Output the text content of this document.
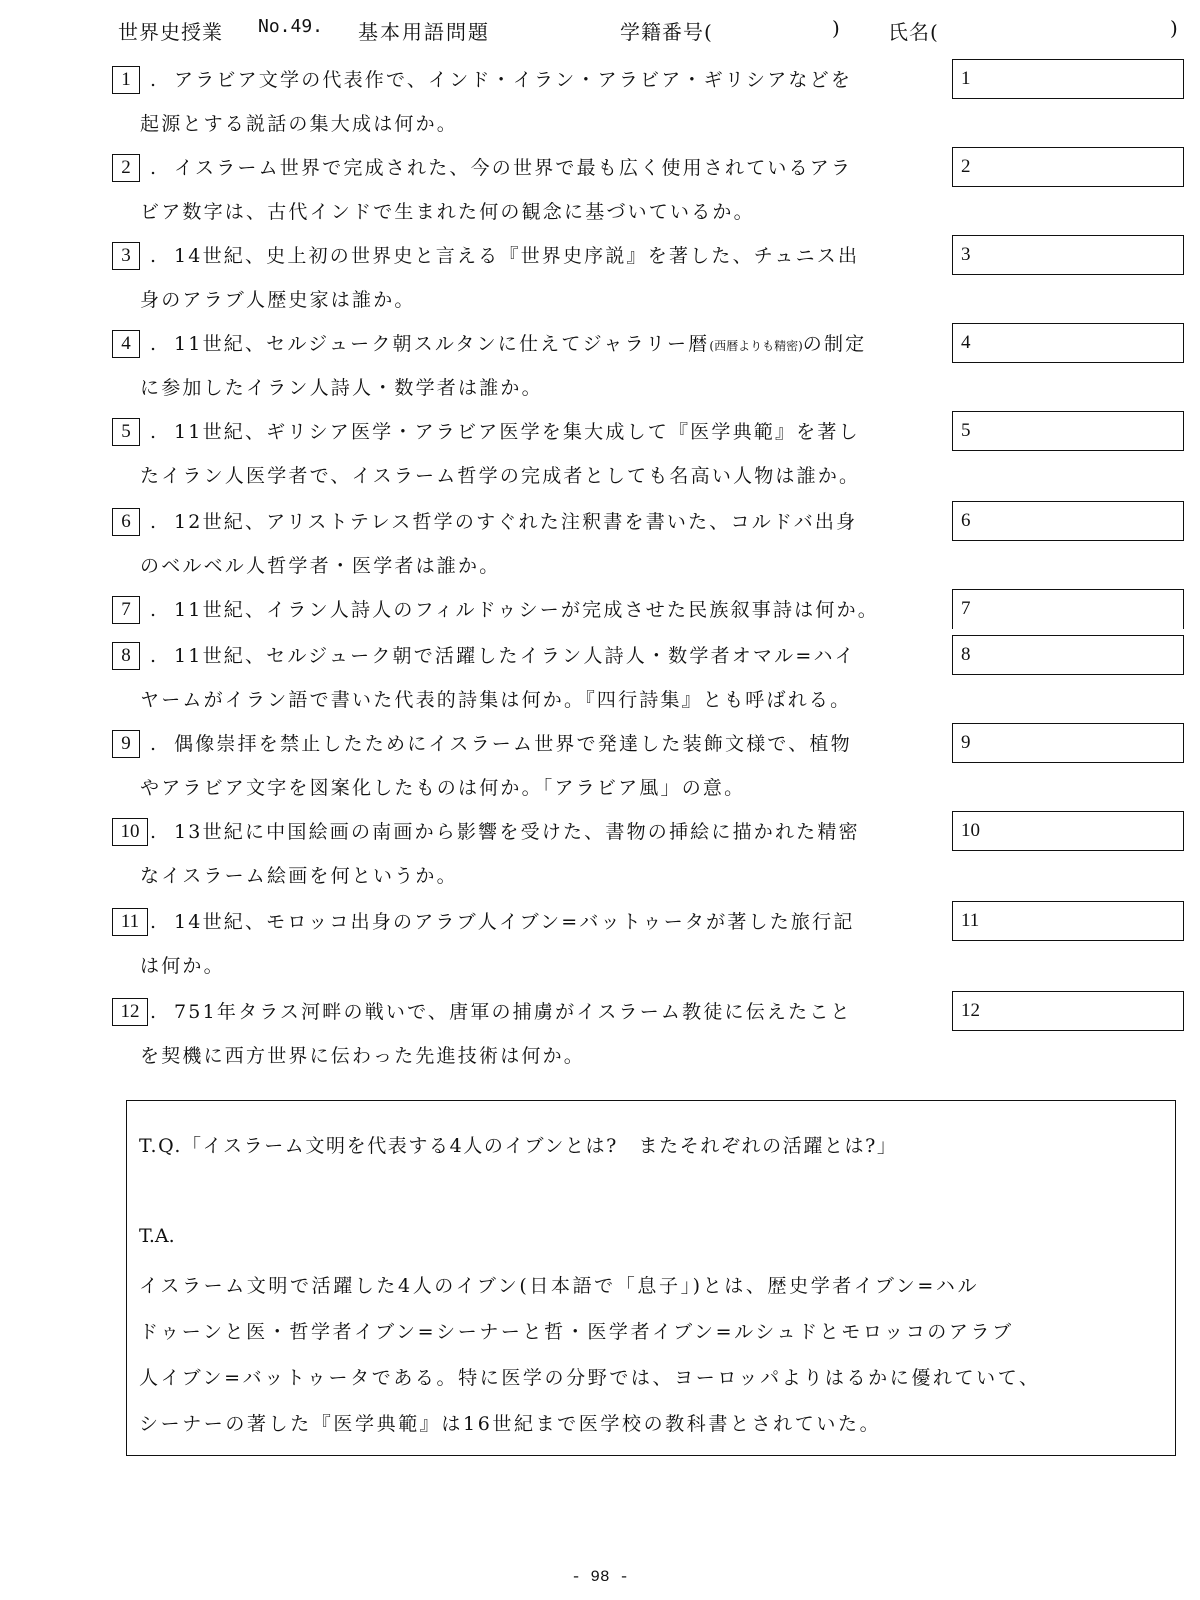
世界史授業 No.49. 基本用語問題	学籍番号(	) 氏名(	)
1	. アラビア文学の代表作で、インド・イラン・アラビア・ギリシアなどを
起源とする説話の集大成は何か。
1
2	. イスラーム世界で完成された、今の世界で最も広く使用されているアラ
ビア数字は、古代インドで生まれた何の観念に基づいているか。
2
3	. 14世紀、史上初の世界史と言える『世界史序説』を著した、チュニス出
身のアラブ人歴史家は誰か。
3
4	. 11世紀、セルジューク朝スルタンに仕えてジャラリー暦(西暦よりも精密)の制定
に参加したイラン人詩人・数学者は誰か。
4
5	. 11世紀、ギリシア医学・アラビア医学を集大成して『医学典範』を著し
たイラン人医学者で、イスラーム哲学の完成者としても名高い人物は誰か。
5
6	. 12世紀、アリストテレス哲学のすぐれた注釈書を書いた、コルドバ出身
のベルベル人哲学者・医学者は誰か。
6
7	. 11世紀、イラン人詩人のフィルドゥシーが完成させた民族叙事詩は何か。	7
8	. 11世紀、セルジューク朝で活躍したイラン人詩人・数学者オマル=ハイ
ヤームがイラン語で書いた代表的詩集は何か。『四行詩集』とも呼ばれる。
8
9	. 偶像崇拝を禁止したためにイスラーム世界で発達した装飾文様で、植物
やアラビア文字を図案化したものは何か。「アラビア風」の意。
9
10 . 13世紀に中国絵画の南画から影響を受けた、書物の挿絵に描かれた精密
なイスラーム絵画を何というか。
10
11 . 14世紀、モロッコ出身のアラブ人イブン=バットゥータが著した旅行記
は何か。
11
12 . 751年タラス河畔の戦いで、唐軍の捕虜がイスラーム教徒に伝えたこと
を契機に西方世界に伝わった先進技術は何か。
12
T.Q.「イスラーム文明を代表する4人のイブンとは?　またそれぞれの活躍とは?」
T.A.
イスラーム文明で活躍した4人のイブン(日本語で「息子」)とは、歴史学者イブン=ハル
ドゥーンと医・哲学者イブン=シーナーと哲・医学者イブン=ルシュドとモロッコのアラブ
人イブン=バットゥータである。特に医学の分野では、ヨーロッパよりはるかに優れていて、
シーナーの著した『医学典範』は16世紀まで医学校の教科書とされていた。
- 98 -
